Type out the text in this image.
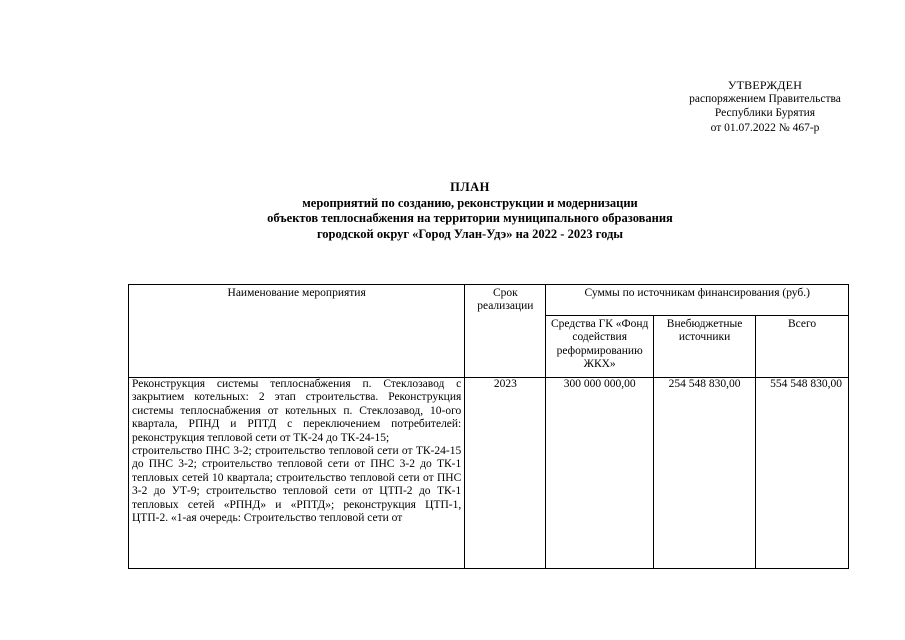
УТВЕРЖДЕН
распоряжением Правительства
Республики Бурятия
от 01.07.2022 № 467-р
ПЛАН
мероприятий по созданию, реконструкции и модернизации
объектов теплоснабжения на территории муниципального образования
городской округ «Город Улан-Удэ» на 2022 - 2023 годы
Наименование мероприятия	Срок реализации	Суммы по источникам финансирования (руб.)		
		Средства ГК «Фонд содействия реформированию ЖКХ»	Внебюджетные источники	Всего

Реконструкция системы теплоснабжения п. Стеклозавод с закрытием котельных: 2 этап строительства. Реконструкция системы теплоснабжения от котельных п. Стеклозавод, 10-ого квартала, РПНД и РПТД с переключением потребителей: реконструкция тепловой сети от ТК-24 до ТК-24-15;
строительство ПНС 3-2; строительство тепловой сети от ТК-24-15 до ПНС 3-2; строительство тепловой сети от ПНС 3-2 до ТК-1 тепловых сетей 10 квартала; строительство тепловой сети от ПНС 3-2 до УТ-9; строительство тепловой сети от ЦТП-2 до ТК-1 тепловых сетей «РПНД» и «РПТД»; реконструкция ЦТП-1, ЦТП-2. «1-ая очередь: Строительство тепловой сети от	2023	300 000 000,00	254 548 830,00	554 548 830,00
